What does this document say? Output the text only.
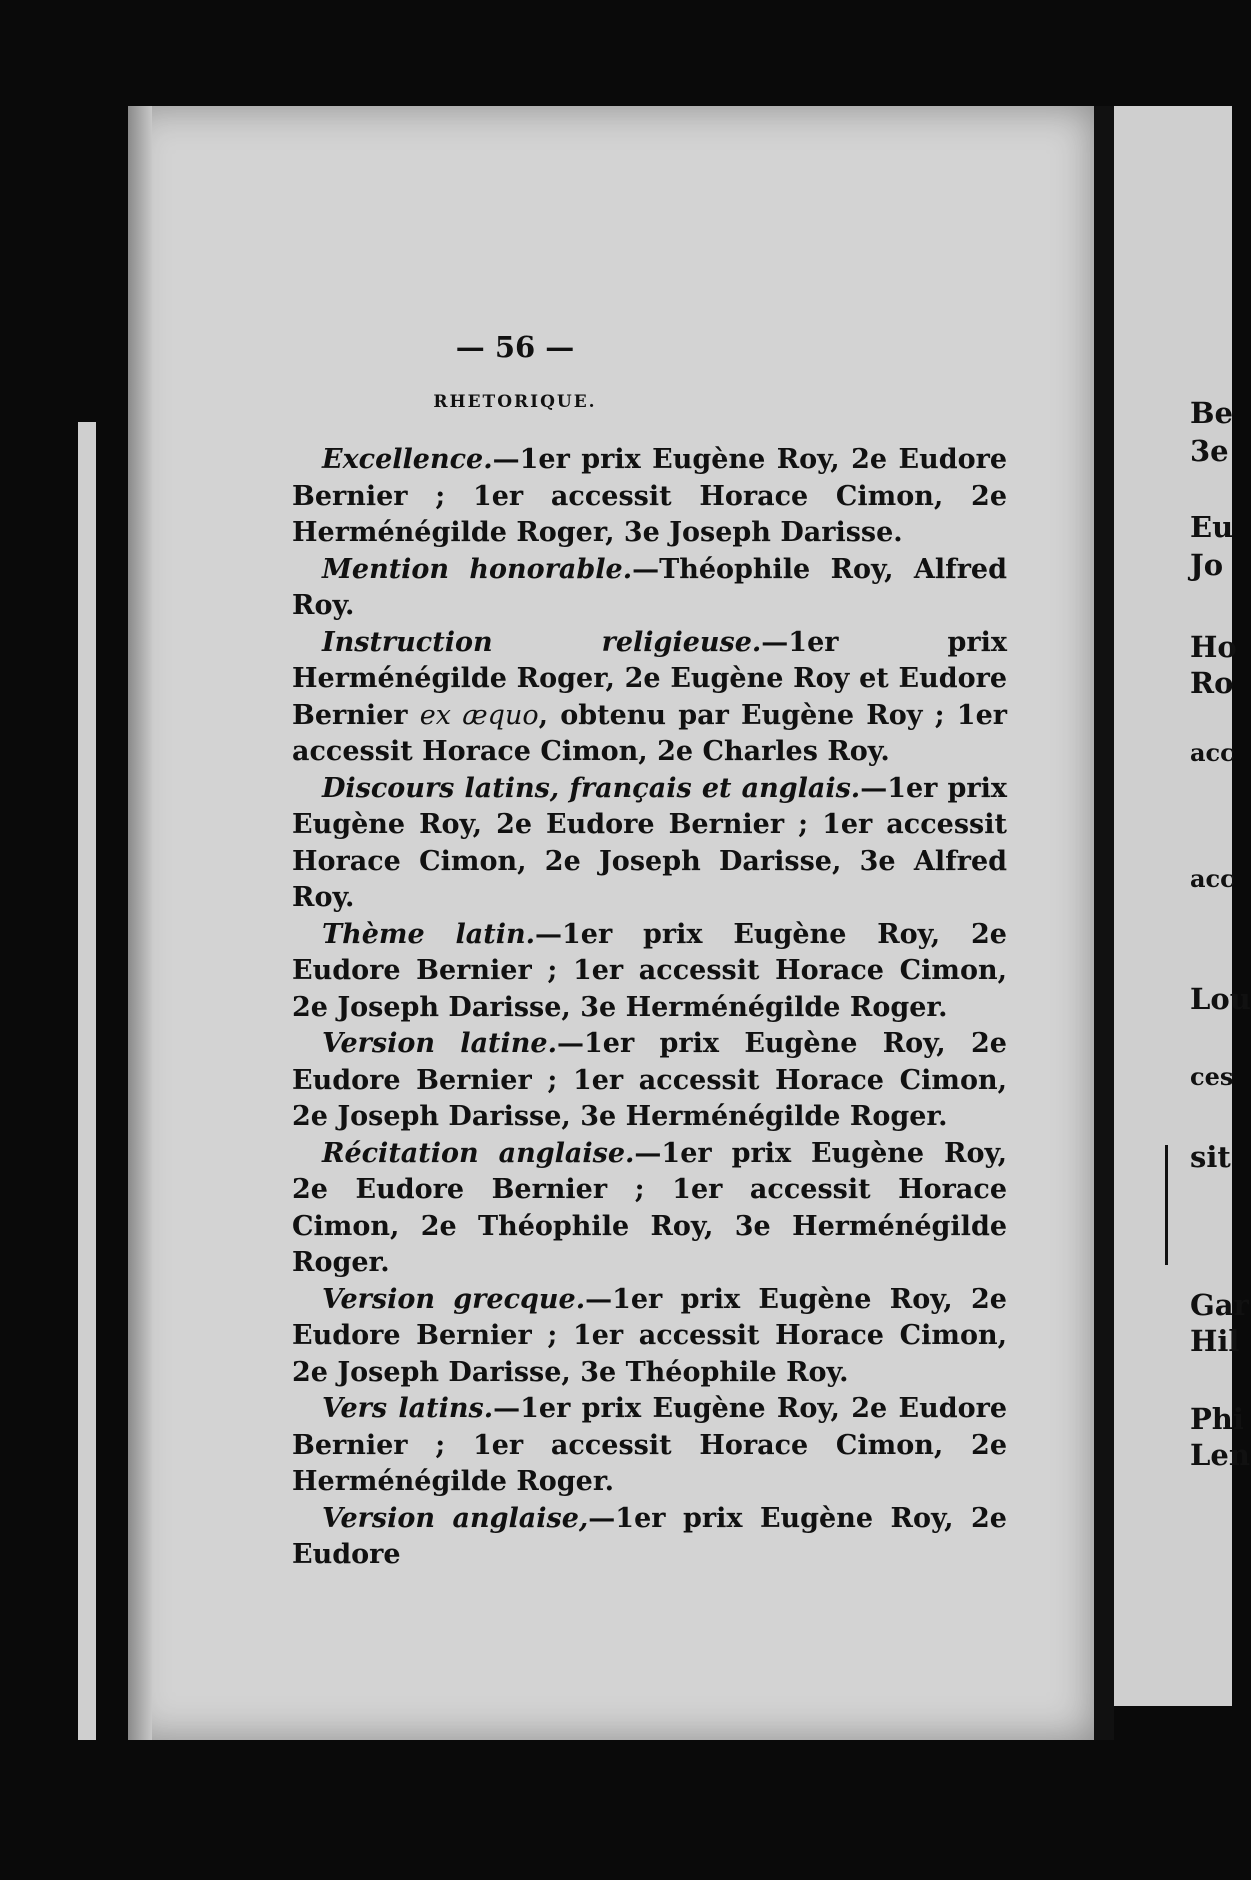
Be
3e
Eu
Jo
Ho
Ro
acc
acc
Lou
ces
sit
Gar
Hil
Phi
Len
— 56 —
RHETORIQUE.

Excellence.—1er prix Eugène Roy, 2e Eudore Bernier ; 1er accessit Horace Cimon, 2e Herménégilde Roger, 3e Joseph Darisse.

Mention honorable.—Théophile Roy, Alfred Roy.

Instruction religieuse.—1er prix Herménégilde Roger, 2e Eugène Roy et Eudore Bernier ex æquo, obtenu par Eugène Roy ; 1er accessit Horace Cimon, 2e Charles Roy.

Discours latins, français et anglais.—1er prix Eugène Roy, 2e Eudore Bernier ; 1er accessit Horace Cimon, 2e Joseph Darisse, 3e Alfred Roy.

Thème latin.—1er prix Eugène Roy, 2e Eudore Bernier ; 1er accessit Horace Cimon, 2e Joseph Darisse, 3e Herménégilde Roger.

Version latine.—1er prix Eugène Roy, 2e Eudore Bernier ; 1er accessit Horace Cimon, 2e Joseph Darisse, 3e Herménégilde Roger.

Récitation anglaise.—1er prix Eugène Roy, 2e Eudore Bernier ; 1er accessit Horace Cimon, 2e Théophile Roy, 3e Herménégilde Roger.

Version grecque.—1er prix Eugène Roy, 2e Eudore Bernier ; 1er accessit Horace Cimon, 2e Joseph Darisse, 3e Théophile Roy.

Vers latins.—1er prix Eugène Roy, 2e Eudore Bernier ; 1er accessit Horace Cimon, 2e Herménégilde Roger.

Version anglaise,—1er prix Eugène Roy, 2e Eudore
